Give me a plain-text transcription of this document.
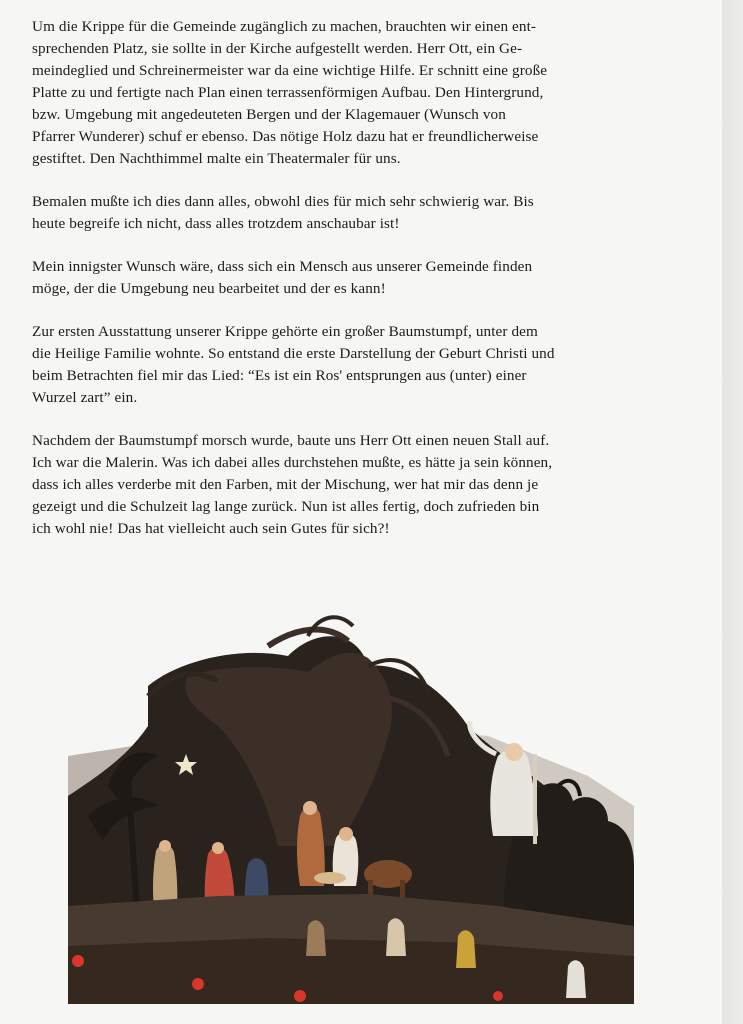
Um die Krippe für die Gemeinde zugänglich zu machen, brauchten wir einen ent-
sprechenden Platz, sie sollte in der Kirche aufgestellt werden. Herr Ott, ein Ge-
meindeglied und Schreinermeister war da eine wichtige Hilfe. Er schnitt eine große
Platte zu und fertigte nach Plan einen terrassenförmigen Aufbau. Den Hintergrund,
bzw. Umgebung mit angedeuteten Bergen und der Klagemauer (Wunsch von
Pfarrer Wunderer) schuf er ebenso. Das nötige Holz dazu hat er freundlicherweise
gestiftet. Den Nachthimmel malte ein Theatermaler für uns.

Bemalen mußte ich dies dann alles, obwohl dies für mich sehr schwierig war. Bis
heute begreife ich nicht, dass alles trotzdem anschaubar ist!

Mein innigster Wunsch wäre, dass sich ein Mensch aus unserer Gemeinde finden
möge, der die Umgebung neu bearbeitet und der es kann!

Zur ersten Ausstattung unserer Krippe gehörte ein großer Baumstumpf, unter dem
die Heilige Familie wohnte. So entstand die erste Darstellung der Geburt Christi und
beim Betrachten fiel mir das Lied: “Es ist ein Ros' entsprungen aus (unter) einer
Wurzel zart” ein.

Nachdem der Baumstumpf morsch wurde, baute uns Herr Ott einen neuen Stall auf.
Ich war die Malerin. Was ich dabei alles durchstehen mußte, es hätte ja sein können,
dass ich alles verderbe mit den Farben, mit der Mischung, wer hat mir das denn je
gezeigt und die Schulzeit lag lange zurück. Nun ist alles fertig, doch zufrieden bin
ich wohl nie! Das hat vielleicht auch sein Gutes für sich?!
